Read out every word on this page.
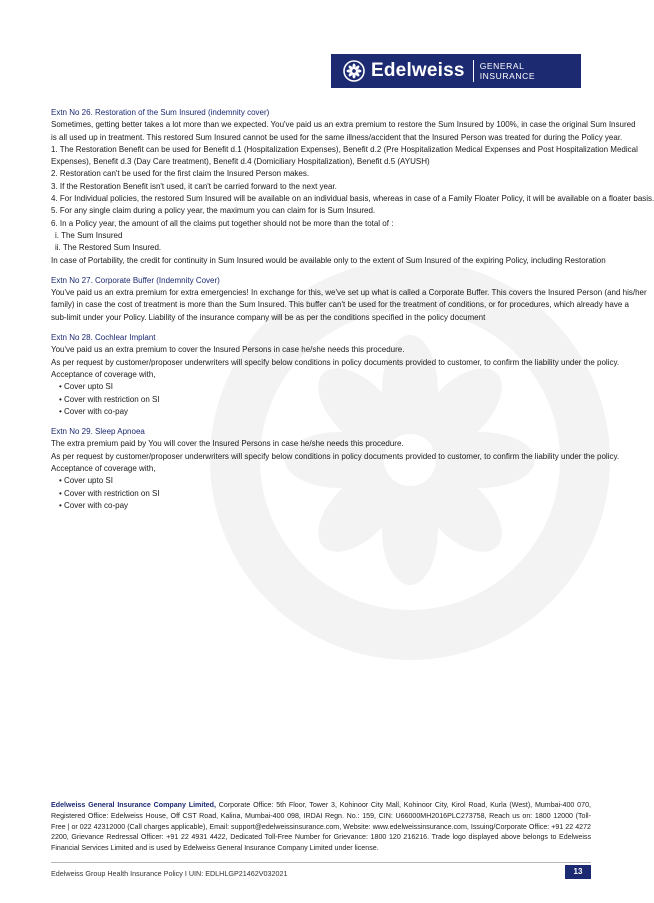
Edelweiss GENERAL
INSURANCE
Extn No 26. Restoration of the Sum Insured (indemnity cover)
Sometimes, getting better takes a lot more than we expected. You've paid us an extra premium to restore the Sum Insured by 100%, in case the original Sum Insured
is all used up in treatment. This restored Sum Insured cannot be used for the same illness/accident that the Insured Person was treated for during the Policy year.
1. The Restoration Benefit can be used for Benefit d.1 (Hospitalization Expenses), Benefit d.2 (Pre Hospitalization Medical Expenses and Post Hospitalization Medical
Expenses), Benefit d.3 (Day Care treatment), Benefit d.4 (Domiciliary Hospitalization), Benefit d.5 (AYUSH)
2. Restoration can't be used for the first claim the Insured Person makes.
3. If the Restoration Benefit isn't used, it can't be carried forward to the next year.
4. For Individual policies, the restored Sum Insured will be available on an individual basis, whereas in case of a Family Floater Policy, it will be available on a floater basis.
5. For any single claim during a policy year, the maximum you can claim for is Sum Insured.
6. In a Policy year, the amount of all the claims put together should not be more than the total of :
i. The Sum Insured
ii. The Restored Sum Insured.
In case of Portability, the credit for continuity in Sum Insured would be available only to the extent of Sum Insured of the expiring Policy, including Restoration
Extn No 27. Corporate Buffer (Indemnity Cover)
You've paid us an extra premium for extra emergencies! In exchange for this, we've set up what is called a Corporate Buffer. This covers the Insured Person (and his/her
family) in case the cost of treatment is more than the Sum Insured. This buffer can't be used for the treatment of conditions, or for procedures, which already have a
sub-limit under your Policy. Liability of the insurance company will be as per the conditions specified in the policy document
Extn No 28. Cochlear Implant
You've paid us an extra premium to cover the Insured Persons in case he/she needs this procedure.
As per request by customer/proposer underwriters will specify below conditions in policy documents provided to customer, to confirm the liability under the policy.
Acceptance of coverage with,
• Cover upto SI
• Cover with restriction on SI
• Cover with co-pay
Extn No 29. Sleep Apnoea
The extra premium paid by You will cover the Insured Persons in case he/she needs this procedure.
As per request by customer/proposer underwriters will specify below conditions in policy documents provided to customer, to confirm the liability under the policy.
Acceptance of coverage with,
• Cover upto SI
• Cover with restriction on SI
• Cover with co-pay
Edelweiss General Insurance Company Limited, Corporate Office: 5th Floor, Tower 3, Kohinoor City Mall, Kohinoor City, Kirol Road, Kurla (West), Mumbai-400 070, Registered Office: Edelweiss House, Off CST Road, Kalina, Mumbai-400 098, IRDAI Regn. No.: 159, CIN: U66000MH2016PLC273758, Reach us on: 1800 12000 (Toll-Free | or 022 42312000 (Call charges applicable), Email: support@edelweissinsurance.com, Website: www.edelweissinsurance.com, Issuing/Corporate Office: +91 22 4272 2200, Grievance Redressal Officer: +91 22 4931 4422, Dedicated Toll-Free Number for Grievance: 1800 120 216216. Trade logo displayed above belongs to Edelweiss Financial Services Limited and is used by Edelweiss General Insurance Company Limited under license.
Edelweiss Group Health Insurance Policy I UIN: EDLHLGP21462V032021	13
